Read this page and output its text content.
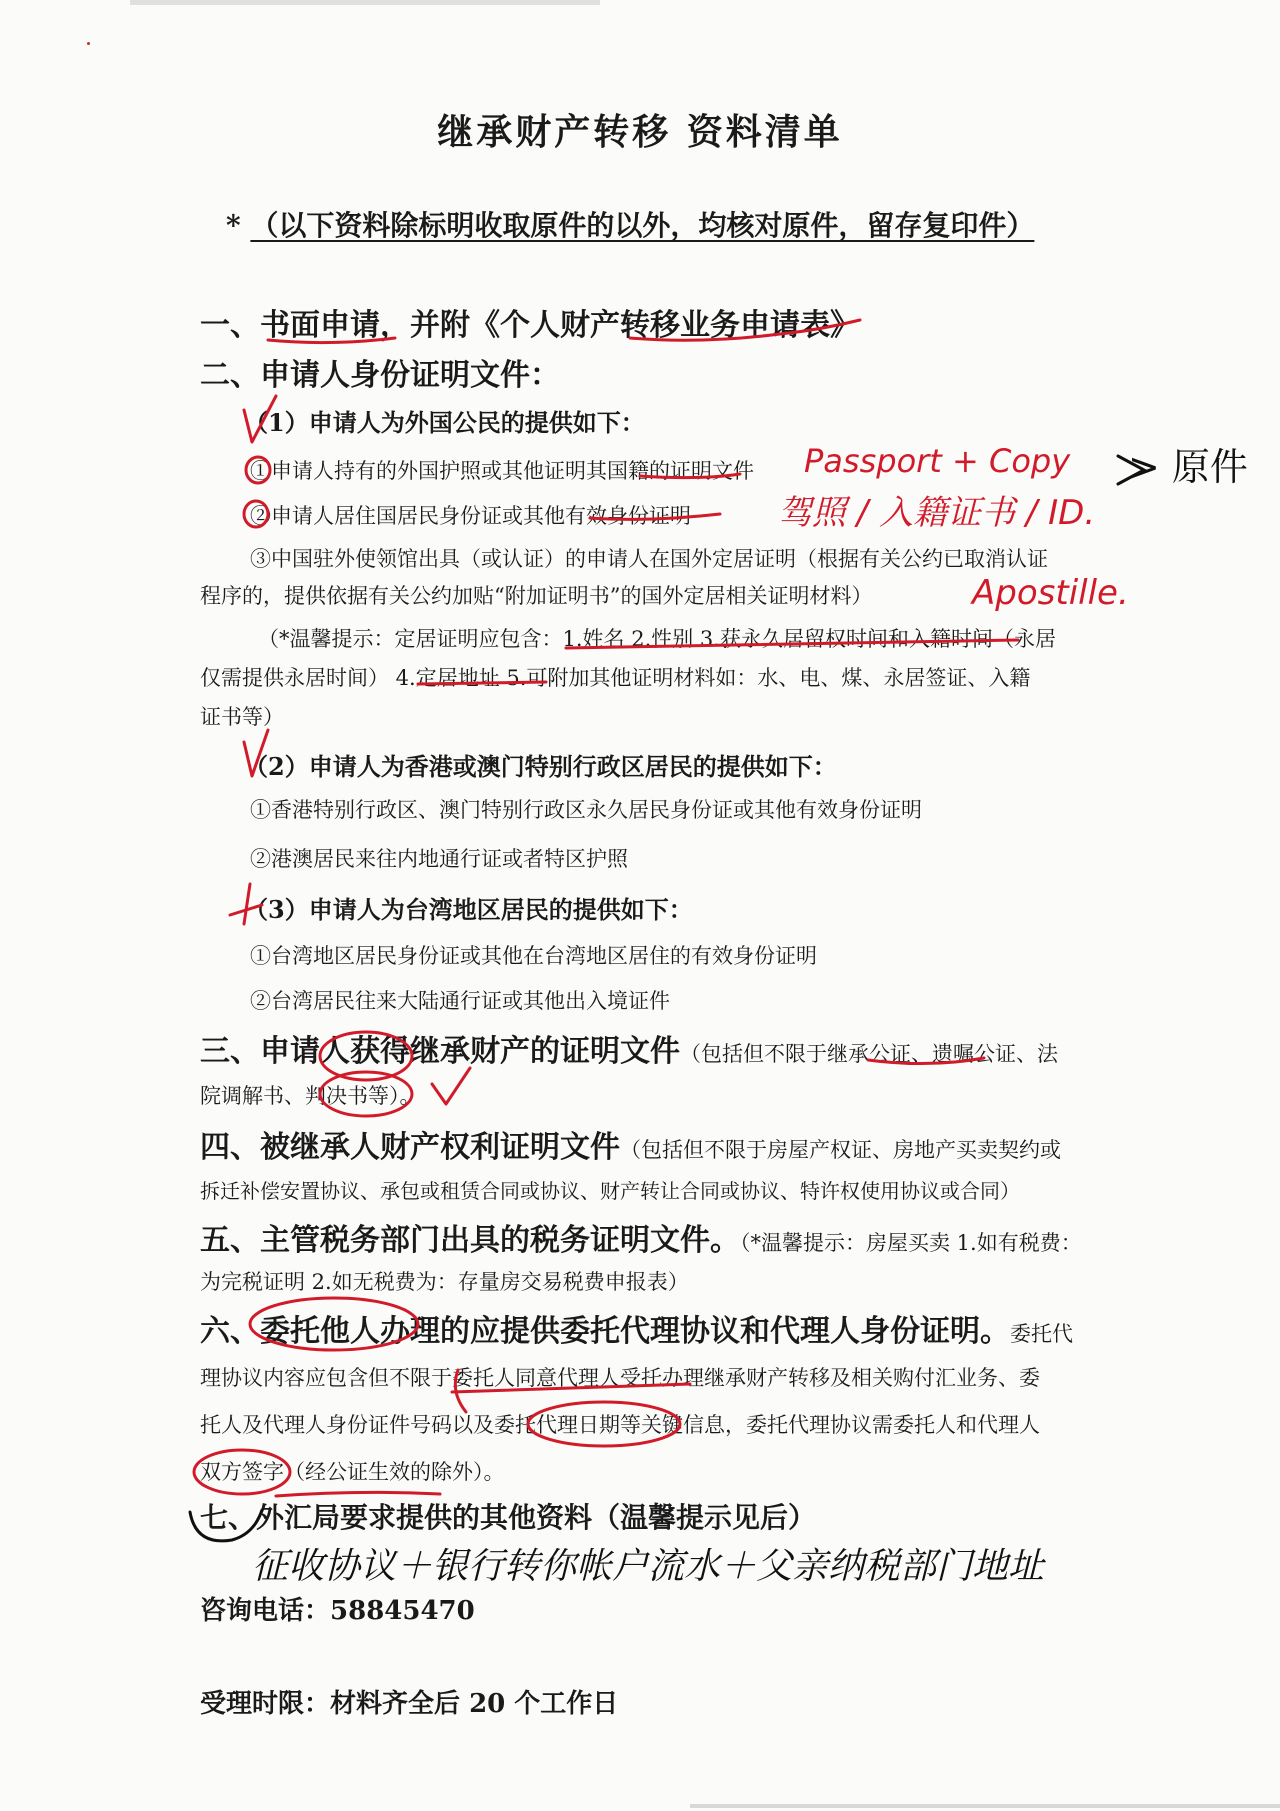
继承财产转移 资料清单
* （以下资料除标明收取原件的以外，均核对原件，留存复印件）
一、书面申请，并附《个人财产转移业务申请表》
二、申请人身份证明文件：
（1）申请人为外国公民的提供如下：
①申请人持有的外国护照或其他证明其国籍的证明文件
②申请人居住国居民身份证或其他有效身份证明
③中国驻外使领馆出具（或认证）的申请人在国外定居证明（根据有关公约已取消认证
程序的，提供依据有关公约加贴“附加证明书”的国外定居相关证明材料）
（*温馨提示：定居证明应包含：1.姓名 2.性别 3.获永久居留权时间和入籍时间（永居
仅需提供永居时间） 4.定居地址 5.可附加其他证明材料如：水、电、煤、永居签证、入籍
证书等）
（2）申请人为香港或澳门特别行政区居民的提供如下：
①香港特别行政区、澳门特别行政区永久居民身份证或其他有效身份证明
②港澳居民来往内地通行证或者特区护照
（3）申请人为台湾地区居民的提供如下：
①台湾地区居民身份证或其他在台湾地区居住的有效身份证明
②台湾居民往来大陆通行证或其他出入境证件
三、申请人获得继承财产的证明文件（包括但不限于继承公证、遗嘱公证、法
院调解书、判决书等）。
四、被继承人财产权利证明文件（包括但不限于房屋产权证、房地产买卖契约或
拆迁补偿安置协议、承包或租赁合同或协议、财产转让合同或协议、特许权使用协议或合同）
五、主管税务部门出具的税务证明文件。（*温馨提示：房屋买卖 1.如有税费：
为完税证明 2.如无税费为：存量房交易税费申报表）
六、委托他人办理的应提供委托代理协议和代理人身份证明。委托代
理协议内容应包含但不限于委托人同意代理人受托办理继承财产转移及相关购付汇业务、委
托人及代理人身份证件号码以及委托代理日期等关键信息，委托代理协议需委托人和代理人
双方签字（经公证生效的除外）。
七、外汇局要求提供的其他资料（温馨提示见后）
咨询电话：58845470
受理时限：材料齐全后 20 个工作日
Passport + Copy > 原件
驾照 / 入籍证书 / ID.
Apostille.
征收协议＋银行转你帐户流水＋父亲纳税部门地址
